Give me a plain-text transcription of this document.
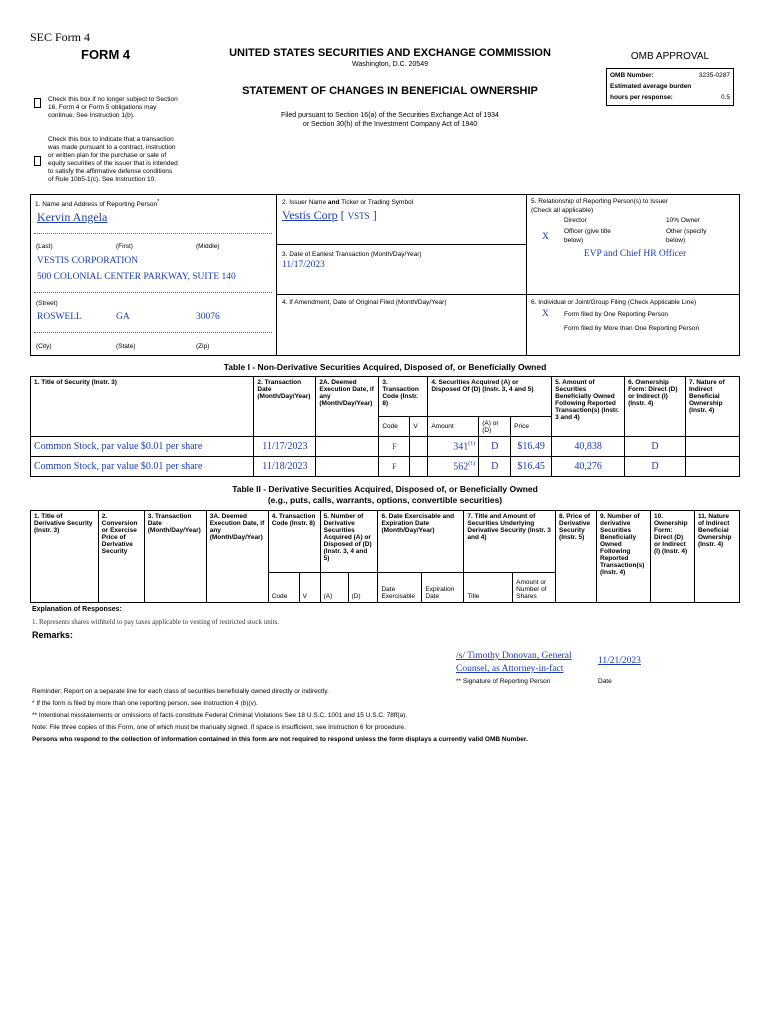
SEC Form 4
FORM 4	UNITED STATES SECURITIES AND EXCHANGE COMMISSION
Washington, D.C. 20549
OMB APPROVAL
OMB Number:	3235-0287
Estimated average burden
hours per response:	0.5
STATEMENT OF CHANGES IN BENEFICIAL OWNERSHIP
Filed pursuant to Section 16(a) of the Securities Exchange Act of 1934
or Section 30(h) of the Investment Company Act of 1940
Check this box if no longer subject to Section 16. Form 4 or Form 5 obligations may continue. See Instruction 1(b).
Check this box to indicate that a transaction was made pursuant to a contract, instruction or written plan for the purchase or sale of equity securities of the issuer that is intended to satisfy the affirmative defense conditions of Rule 10b5-1(c). See Instruction 10.
1. Name and Address of Reporting Person*
Kervin Angela
(Last)	(First)	(Middle)
VESTIS CORPORATION
500 COLONIAL CENTER PARKWAY, SUITE 140
(Street)
ROSWELL	GA	30076
(City)	(State)	(Zip)
2. Issuer Name and Ticker or Trading Symbol
Vestis Corp [ VSTS ]
3. Date of Earliest Transaction (Month/Day/Year)
11/17/2023
4. If Amendment, Date of Original Filed (Month/Day/Year)
5. Relationship of Reporting Person(s) to Issuer
(Check all applicable)
Director	10% Owner
X
Officer (give title below)
Other (specify below)
EVP and Chief HR Officer
6. Individual or Joint/Group Filing (Check Applicable Line)
X Form filed by One Reporting Person
Form filed by More than One Reporting Person
Table I - Non-Derivative Securities Acquired, Disposed of, or Beneficially Owned
1. Title of Security (Instr. 3)	2. Transaction Date (Month/Day/Year)	2A. Deemed Execution Date, if any (Month/Day/Year)	3. Transaction Code (Instr. 8)		4. Securities Acquired (A) or Disposed Of (D) (Instr. 3, 4 and 5)			5. Amount of Securities Beneficially Owned Following Reported Transaction(s) (Instr. 3 and 4)	6. Ownership Form: Direct (D) or Indirect (I) (Instr. 4)	7. Nature of Indirect Beneficial Ownership (Instr. 4)
			Code	V	Amount	(A) or (D)	Price			
Common Stock, par value $0.01 per share	11/17/2023		F		341$^{(1)}$	D	$16.49	40,838	D	
Common Stock, par value $0.01 per share	11/18/2023		F		562$^{(1)}$	D	$16.45	40,276	D	
Table II - Derivative Securities Acquired, Disposed of, or Beneficially Owned
(e.g., puts, calls, warrants, options, convertible securities)
1. Title of Derivative Security (Instr. 3)	2. Conversion or Exercise Price of Derivative Security	3. Transaction Date (Month/Day/Year)	3A. Deemed Execution Date, if any (Month/Day/Year)	4. Transaction Code (Instr. 8)		5. Number of Derivative Securities Acquired (A) or Disposed of (D) (Instr. 3, 4 and 5)		6. Date Exercisable and Expiration Date (Month/Day/Year)		7. Title and Amount of Securities Underlying Derivative Security (Instr. 3 and 4)		8. Price of Derivative Security (Instr. 5)	9. Number of derivative Securities Beneficially Owned Following Reported Transaction(s) (Instr. 4)	10. Ownership Form: Direct (D) or Indirect (I) (Instr. 4)	11. Nature of Indirect Beneficial Ownership (Instr. 4)
				Code	V	(A)	(D)	Date Exercisable	Expiration Date	Title	Amount or Number of Shares				
Explanation of Responses:
1. Represents shares withheld to pay taxes applicable to vesting of restricted stock units.
Remarks:
/s/ Timothy Donovan, General
Counsel, as Attorney-in-fact
11/21/2023
** Signature of Reporting Person	Date
Reminder: Report on a separate line for each class of securities beneficially owned directly or indirectly.
* If the form is filed by more than one reporting person, see Instruction 4 (b)(v).
** Intentional misstatements or omissions of facts constitute Federal Criminal Violations See 18 U.S.C. 1001 and 15 U.S.C. 78ff(a).
Note: File three copies of this Form, one of which must be manually signed. If space is insufficient, see Instruction 6 for procedure.
Persons who respond to the collection of information contained in this form are not required to respond unless the form displays a currently valid OMB Number.
